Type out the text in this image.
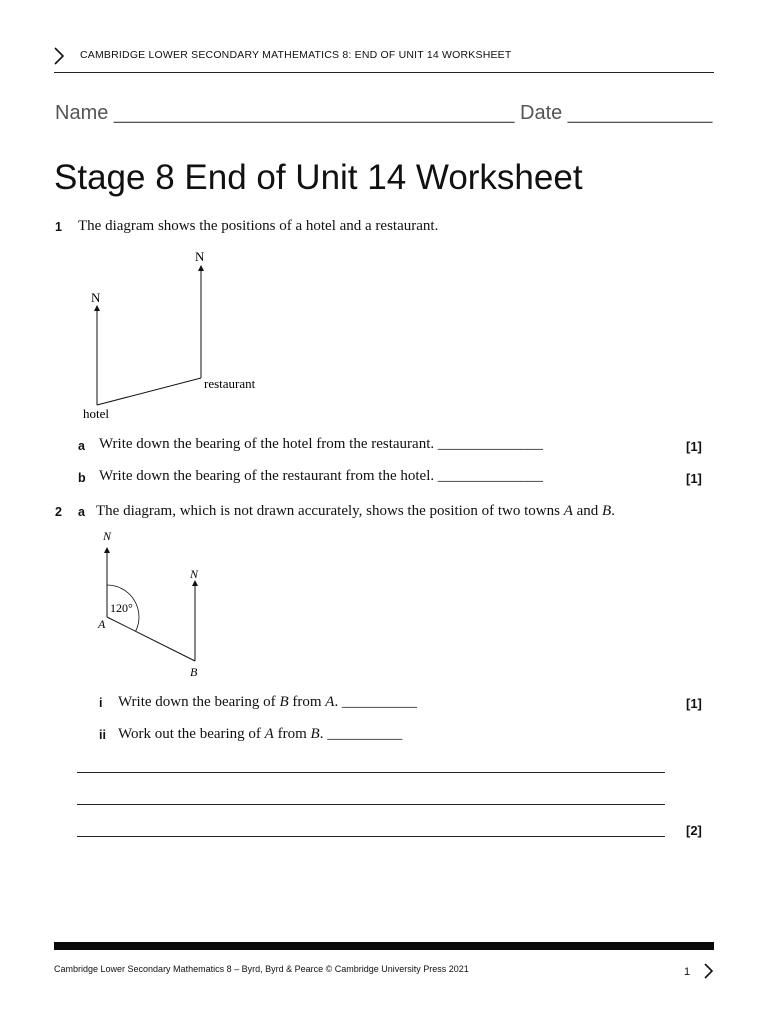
CAMBRIDGE LOWER SECONDARY MATHEMATICS 8: END OF UNIT 14 WORKSHEET
Name ____________________________________ Date _____________
Stage 8 End of Unit 14 Worksheet
1 The diagram shows the positions of a hotel and a restaurant.
N
N
restaurant
hotel
a Write down the bearing of the hotel from the restaurant. ______________	[1]
b Write down the bearing of the restaurant from the hotel. ______________	[1]
2 a The diagram, which is not drawn accurately, shows the position of two towns A and B.
N
N
120°
A
B
i Write down the bearing of B from A. __________	[1]
ii Work out the bearing of A from B. __________
[2]
Cambridge Lower Secondary Mathematics 8 – Byrd, Byrd & Pearce © Cambridge University Press 2021	1
